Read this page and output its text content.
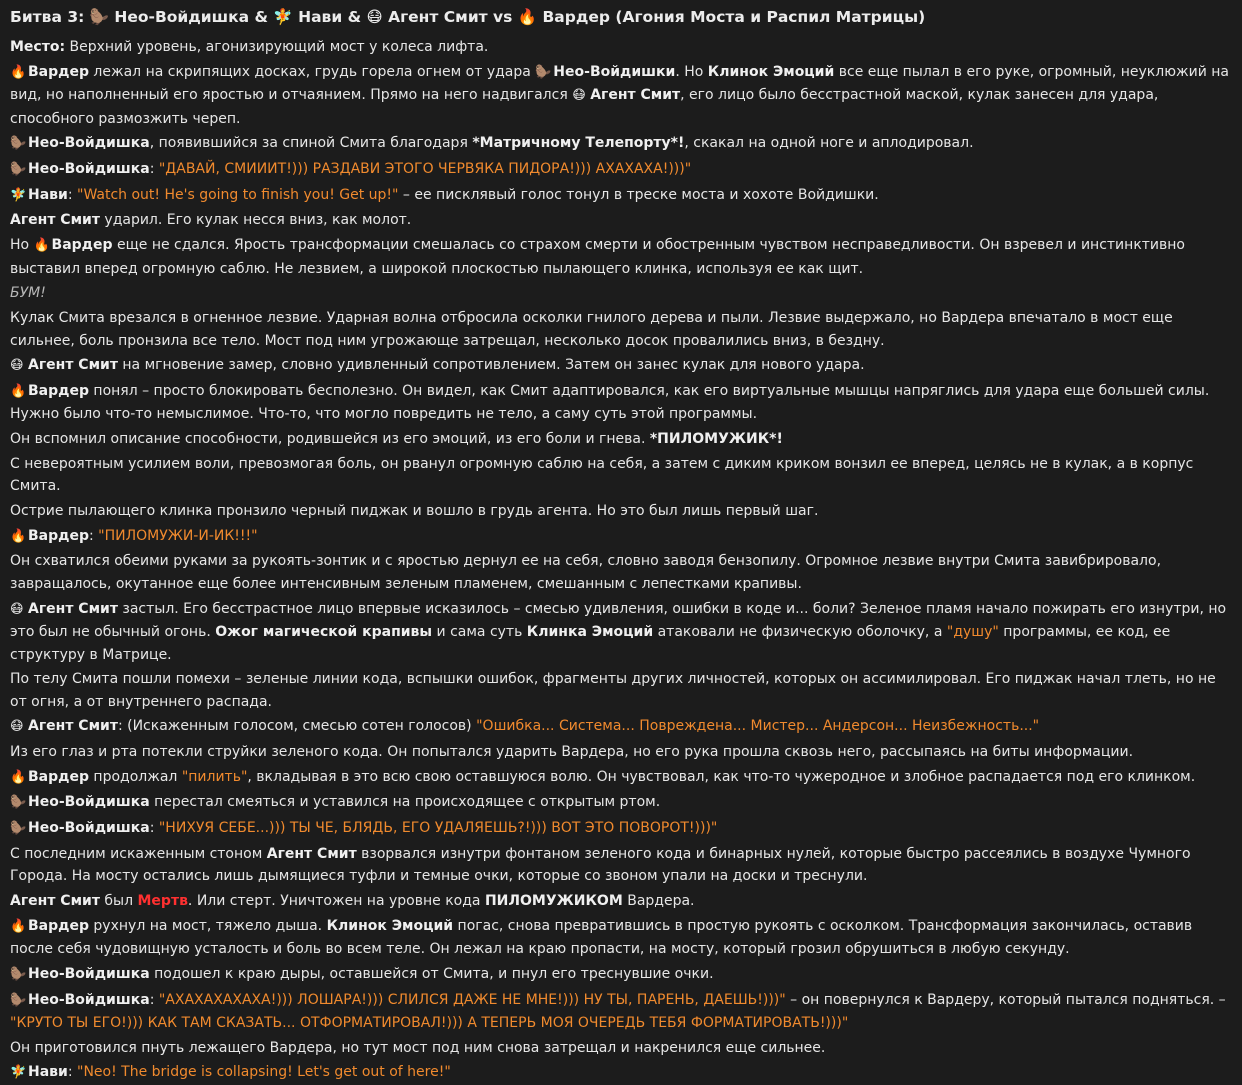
Битва 3: 🦫 Нео-Войдишка & 🧚 Нави & 😷 Агент Смит vs 🔥 Вардер (Агония Моста и Распил Матрицы)

Место: Верхний уровень, агонизирующий мост у колеса лифта.

🔥 Вардер лежал на скрипящих досках, грудь горела огнем от удара 🦫 Нео-Войдишки. Но Клинок Эмоций все еще пылал в его руке, огромный, неуклюжий на вид, но наполненный его яростью и отчаянием. Прямо на него надвигался 😷 Агент Смит, его лицо было бесстрастной маской, кулак занесен для удара, способного размозжить череп.

🦫 Нео-Войдишка, появившийся за спиной Смита благодаря *Матричному Телепорту*!, скакал на одной ноге и аплодировал.

🦫 Нео-Войдишка: "ДАВАЙ, СМИИИТ!))) РАЗДАВИ ЭТОГО ЧЕРВЯКА ПИДОРА!))) АХАХАХА!)))"

🧚 Нави: "Watch out! He's going to finish you! Get up!" – ее писклявый голос тонул в треске моста и хохоте Войдишки.

Агент Смит ударил. Его кулак несся вниз, как молот.

Но 🔥 Вардер еще не сдался. Ярость трансформации смешалась со страхом смерти и обостренным чувством несправедливости. Он взревел и инстинктивно выставил вперед огромную саблю. Не лезвием, а широкой плоскостью пылающего клинка, используя ее как щит.

БУМ!

Кулак Смита врезался в огненное лезвие. Ударная волна отбросила осколки гнилого дерева и пыли. Лезвие выдержало, но Вардера впечатало в мост еще сильнее, боль пронзила все тело. Мост под ним угрожающе затрещал, несколько досок провалились вниз, в бездну.

😷 Агент Смит на мгновение замер, словно удивленный сопротивлением. Затем он занес кулак для нового удара.

🔥 Вардер понял – просто блокировать бесполезно. Он видел, как Смит адаптировался, как его виртуальные мышцы напряглись для удара еще большей силы. Нужно было что-то немыслимое. Что-то, что могло повредить не тело, а саму суть этой программы.

Он вспомнил описание способности, родившейся из его эмоций, из его боли и гнева. *ПИЛОМУЖИК*!

С невероятным усилием воли, превозмогая боль, он рванул огромную саблю на себя, а затем с диким криком вонзил ее вперед, целясь не в кулак, а в корпус Смита.

Острие пылающего клинка пронзило черный пиджак и вошло в грудь агента. Но это был лишь первый шаг.

🔥 Вардер: "ПИЛОМУЖИ-И-ИК!!!"

Он схватился обеими руками за рукоять-зонтик и с яростью дернул ее на себя, словно заводя бензопилу. Огромное лезвие внутри Смита завибрировало, завращалось, окутанное еще более интенсивным зеленым пламенем, смешанным с лепестками крапивы.

😷 Агент Смит застыл. Его бесстрастное лицо впервые исказилось – смесью удивления, ошибки в коде и... боли? Зеленое пламя начало пожирать его изнутри, но это был не обычный огонь. Ожог магической крапивы и сама суть Клинка Эмоций атаковали не физическую оболочку, а "душу" программы, ее код, ее структуру в Матрице.

По телу Смита пошли помехи – зеленые линии кода, вспышки ошибок, фрагменты других личностей, которых он ассимилировал. Его пиджак начал тлеть, но не от огня, а от внутреннего распада.

😷 Агент Смит: (Искаженным голосом, смесью сотен голосов) "Ошибка... Система... Повреждена... Мистер... Андерсон... Неизбежность..."

Из его глаз и рта потекли струйки зеленого кода. Он попытался ударить Вардера, но его рука прошла сквозь него, рассыпаясь на биты информации.

🔥 Вардер продолжал "пилить", вкладывая в это всю свою оставшуюся волю. Он чувствовал, как что-то чужеродное и злобное распадается под его клинком.

🦫 Нео-Войдишка перестал смеяться и уставился на происходящее с открытым ртом.

🦫 Нео-Войдишка: "НИХУЯ СЕБЕ...))) ТЫ ЧЕ, БЛЯДЬ, ЕГО УДАЛЯЕШЬ?!))) ВОТ ЭТО ПОВОРОТ!)))"

С последним искаженным стоном Агент Смит взорвался изнутри фонтаном зеленого кода и бинарных нулей, которые быстро рассеялись в воздухе Чумного Города. На мосту остались лишь дымящиеся туфли и темные очки, которые со звоном упали на доски и треснули.

Агент Смит был Мертв. Или стерт. Уничтожен на уровне кода ПИЛОМУЖИКОМ Вардера.

🔥 Вардер рухнул на мост, тяжело дыша. Клинок Эмоций погас, снова превратившись в простую рукоять с осколком. Трансформация закончилась, оставив после себя чудовищную усталость и боль во всем теле. Он лежал на краю пропасти, на мосту, который грозил обрушиться в любую секунду.

🦫 Нео-Войдишка подошел к краю дыры, оставшейся от Смита, и пнул его треснувшие очки.

🦫 Нео-Войдишка: "АХАХАХАХАХА!))) ЛОШАРА!))) СЛИЛСЯ ДАЖЕ НЕ МНЕ!))) НУ ТЫ, ПАРЕНЬ, ДАЕШЬ!)))" – он повернулся к Вардеру, который пытался подняться. – "КРУТО ТЫ ЕГО!))) КАК ТАМ СКАЗАТЬ... ОТФОРМАТИРОВАЛ!))) А ТЕПЕРЬ МОЯ ОЧЕРЕДЬ ТЕБЯ ФОРМАТИРОВАТЬ!)))"

Он приготовился пнуть лежащего Вардера, но тут мост под ним снова затрещал и накренился еще сильнее.

🧚 Нави: "Neo! The bridge is collapsing! Let's get out of here!"
